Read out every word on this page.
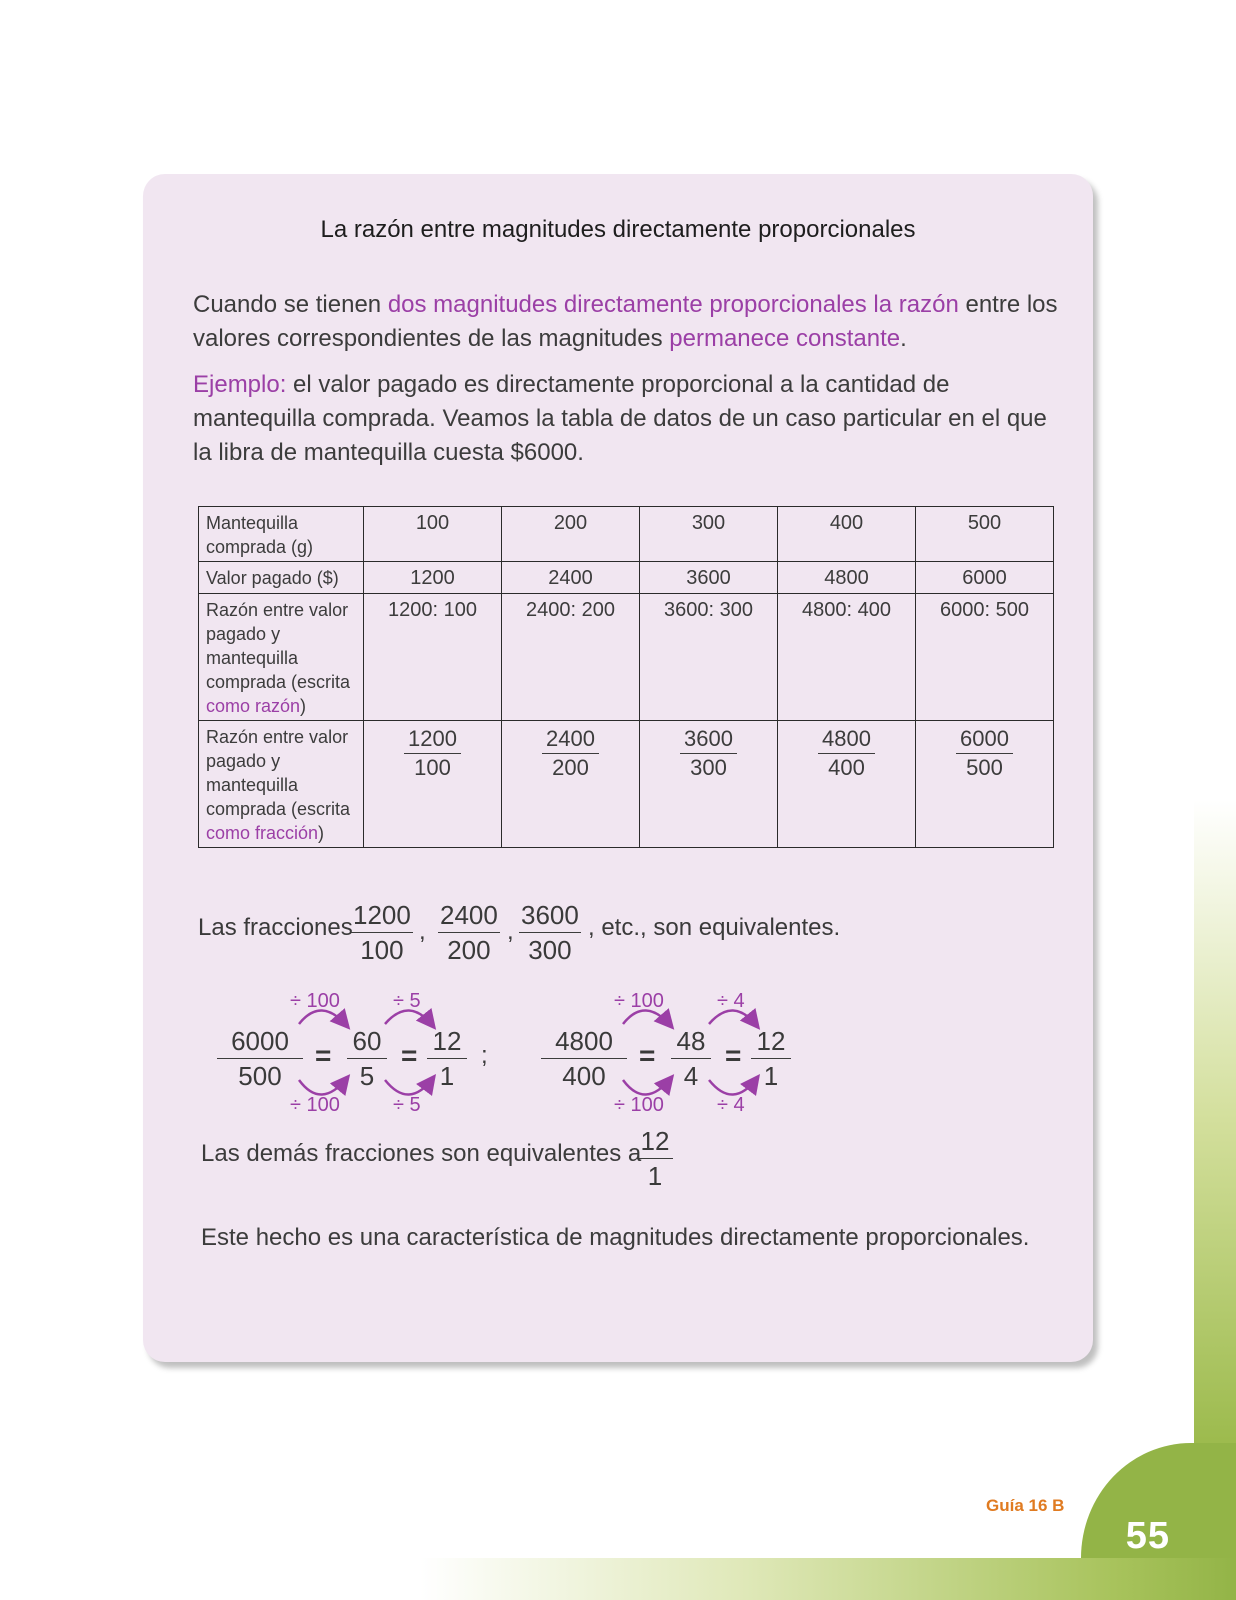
55
Guía 16 B
La razón entre magnitudes directamente proporcionales

Cuando se tienen dos magnitudes directamente proporcionales la razón entre los valores correspondientes de las magnitudes permanece constante.

Ejemplo: el valor pagado es directamente proporcional a la cantidad de mantequilla comprada. Veamos la tabla de datos de un caso particular en el que la libra de mantequilla cuesta $6000.

Mantequilla comprada (g)	100	200	300	400	500
Valor pagado ($)	1200	2400	3600	4800	6000
Razón entre valor pagado y mantequilla comprada (escrita como razón)	1200: 100	2400: 200	3600: 300	4800: 400	6000: 500
Razón entre valor pagado y mantequilla comprada (escrita como fracción)	$\frac{1200}{100}$	$\frac{2400}{200}$	$\frac{3600}{300}$	$\frac{4800}{400}$	$\frac{6000}{500}$
Las fracciones
$\frac{1200}{100}$ , $\frac{2400}{200}$ , $\frac{3600}{300}$ , etc., son equivalentes.
÷ 100	÷ 5
$\frac{6000}{500} = \frac{60}{5} = \frac{12}{1}$ ;
÷ 100	÷ 5
÷ 100	÷ 4
$\frac{4800}{400} = \frac{48}{4} = \frac{12}{1}$
÷ 100	÷ 4
Las demás fracciones son equivalentes a
$\frac{12}{1}$
Este hecho es una característica de magnitudes directamente proporcionales.
